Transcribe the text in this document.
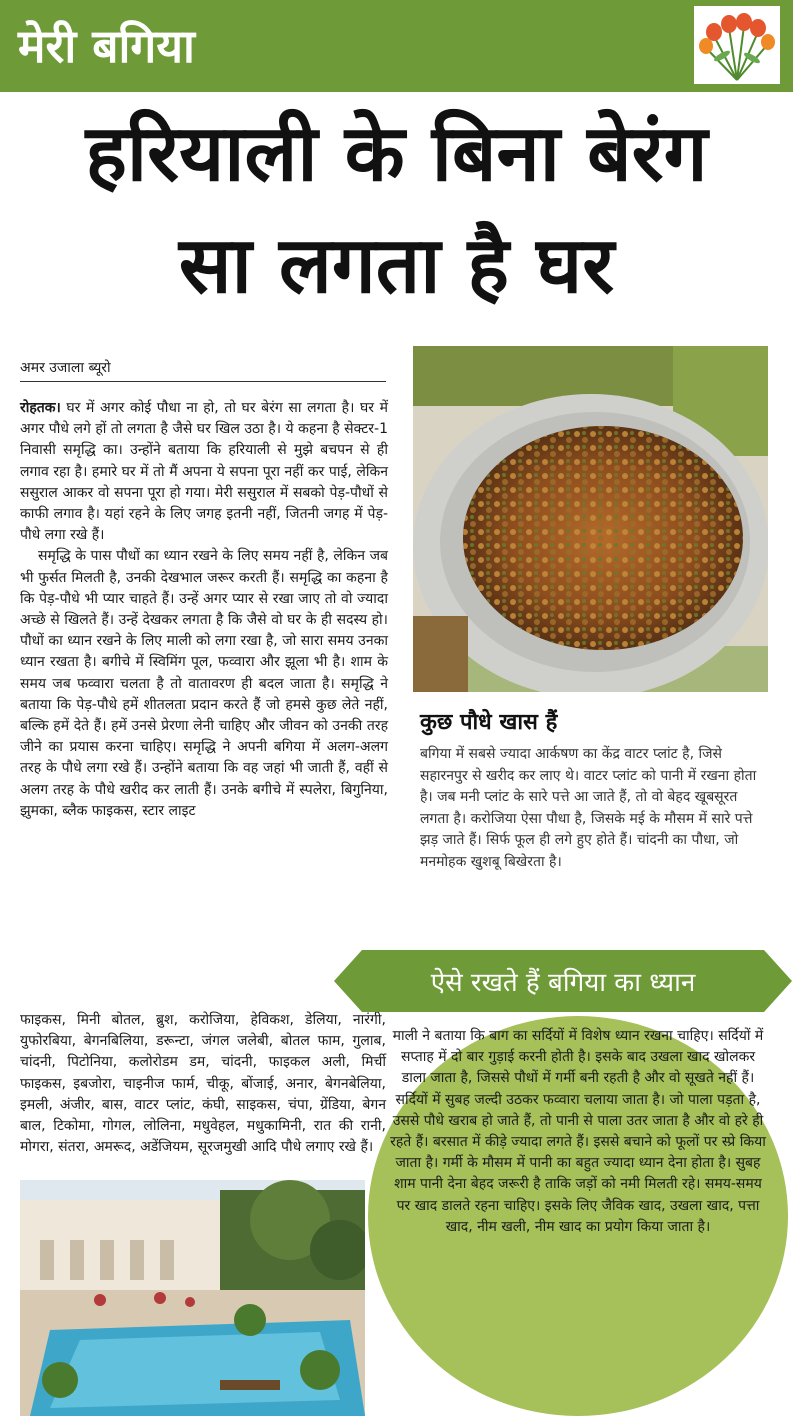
मेरी बगिया
हरियाली के बिना बेरंग
सा लगता है घर
अमर उजाला ब्यूरो

रोहतक। घर में अगर कोई पौधा ना हो, तो घर बेरंग सा लगता है। घर में अगर पौधे लगे हों तो लगता है जैसे घर खिल उठा है। ये कहना है सेक्टर-1 निवासी समृद्धि का। उन्होंने बताया कि हरियाली से मुझे बचपन से ही लगाव रहा है। हमारे घर में तो मैं अपना ये सपना पूरा नहीं कर पाई, लेकिन ससुराल आकर वो सपना पूरा हो गया। मेरी ससुराल में सबको पेड़-पौधों से काफी लगाव है। यहां रहने के लिए जगह इतनी नहीं, जितनी जगह में पेड़-पौधे लगा रखे हैं।

समृद्धि के पास पौधों का ध्यान रखने के लिए समय नहीं है, लेकिन जब भी फुर्सत मिलती है, उनकी देखभाल जरूर करती हैं। समृद्धि का कहना है कि पेड़-पौधे भी प्यार चाहते हैं। उन्हें अगर प्यार से रखा जाए तो वो ज्यादा अच्छे से खिलते हैं। उन्हें देखकर लगता है कि जैसे वो घर के ही सदस्य हो। पौधों का ध्यान रखने के लिए माली को लगा रखा है, जो सारा समय उनका ध्यान रखता है। बगीचे में स्विमिंग पूल, फव्वारा और झूला भी है। शाम के समय जब फव्वारा चलता है तो वातावरण ही बदल जाता है। समृद्धि ने बताया कि पेड़-पौधे हमें शीतलता प्रदान करते हैं जो हमसे कुछ लेते नहीं, बल्कि हमें देते हैं। हमें उनसे प्रेरणा लेनी चाहिए और जीवन को उनकी तरह जीने का प्रयास करना चाहिए। समृद्धि ने अपनी बगिया में अलग-अलग तरह के पौधे लगा रखे हैं। उन्होंने बताया कि वह जहां भी जाती हैं, वहीं से अलग तरह के पौधे खरीद कर लाती हैं। उनके बगीचे में स्पलेरा, बिगुनिया, झुमका, ब्लैक फाइकस, स्टार लाइट

फाइकस, मिनी बोतल, ब्रुश, करोजिया, हेविकश, डेलिया, नारंगी, युफोरबिया, बेगनबिलिया, डरून्टा, जंगल जलेबी, बोतल फाम, गुलाब, चांदनी, पिटोनिया, कलोरोडम डम, चांदनी, फाइकल अली, मिर्ची फाइकस, इबजोरा, चाइनीज फार्म, चीकू, बोंजाई, अनार, बेगनबेलिया, इमली, अंजीर, बास, वाटर प्लांट, कंघी, साइकस, चंपा, ग्रेंडिया, बेगन बाल, टिकोमा, गोगल, लोलिना, मधुवेहल, मधुकामिनी, रात की रानी, मोगरा, संतरा, अमरूद, अडेंजियम, सूरजमुखी आदि पौधे लगाए रखे हैं।
कुछ पौधे खास हैं

बगिया में सबसे ज्यादा आर्कषण का केंद्र वाटर प्लांट है, जिसे सहारनपुर से खरीद कर लाए थे। वाटर प्लांट को पानी में रखना होता है। जब मनी प्लांट के सारे पत्ते आ जाते हैं, तो वो बेहद खूबसूरत लगता है। करोजिया ऐसा पौधा है, जिसके मई के मौसम में सारे पत्ते झड़ जाते हैं। सिर्फ फूल ही लगे हुए होते हैं। चांदनी का पौधा, जो मनमोहक खुशबू बिखेरता है।

ऐसे रखते हैं बगिया का ध्यान

माली ने बताया कि बाग का सर्दियों में विशेष ध्यान रखना चाहिए। सर्दियों में सप्ताह में दो बार गुड़ाई करनी होती है। इसके बाद उखला खाद खोलकर डाला जाता है, जिससे पौधों में गर्मी बनी रहती है और वो सूखते नहीं हैं। सर्दियों में सुबह जल्दी उठकर फव्वारा चलाया जाता है। जो पाला पड़ता है, उससे पौधे खराब हो जाते हैं, तो पानी से पाला उतर जाता है और वो हरे ही रहते हैं। बरसात में कीड़े ज्यादा लगते हैं। इससे बचाने को फूलों पर स्प्रे किया जाता है। गर्मी के मौसम में पानी का बहुत ज्यादा ध्यान देना होता है। सुबह शाम पानी देना बेहद जरूरी है ताकि जड़ों को नमी मिलती रहे। समय-समय पर खाद डालते रहना चाहिए। इसके लिए जैविक खाद, उखला खाद, पत्ता खाद, नीम खली, नीम खाद का प्रयोग किया जाता है।
